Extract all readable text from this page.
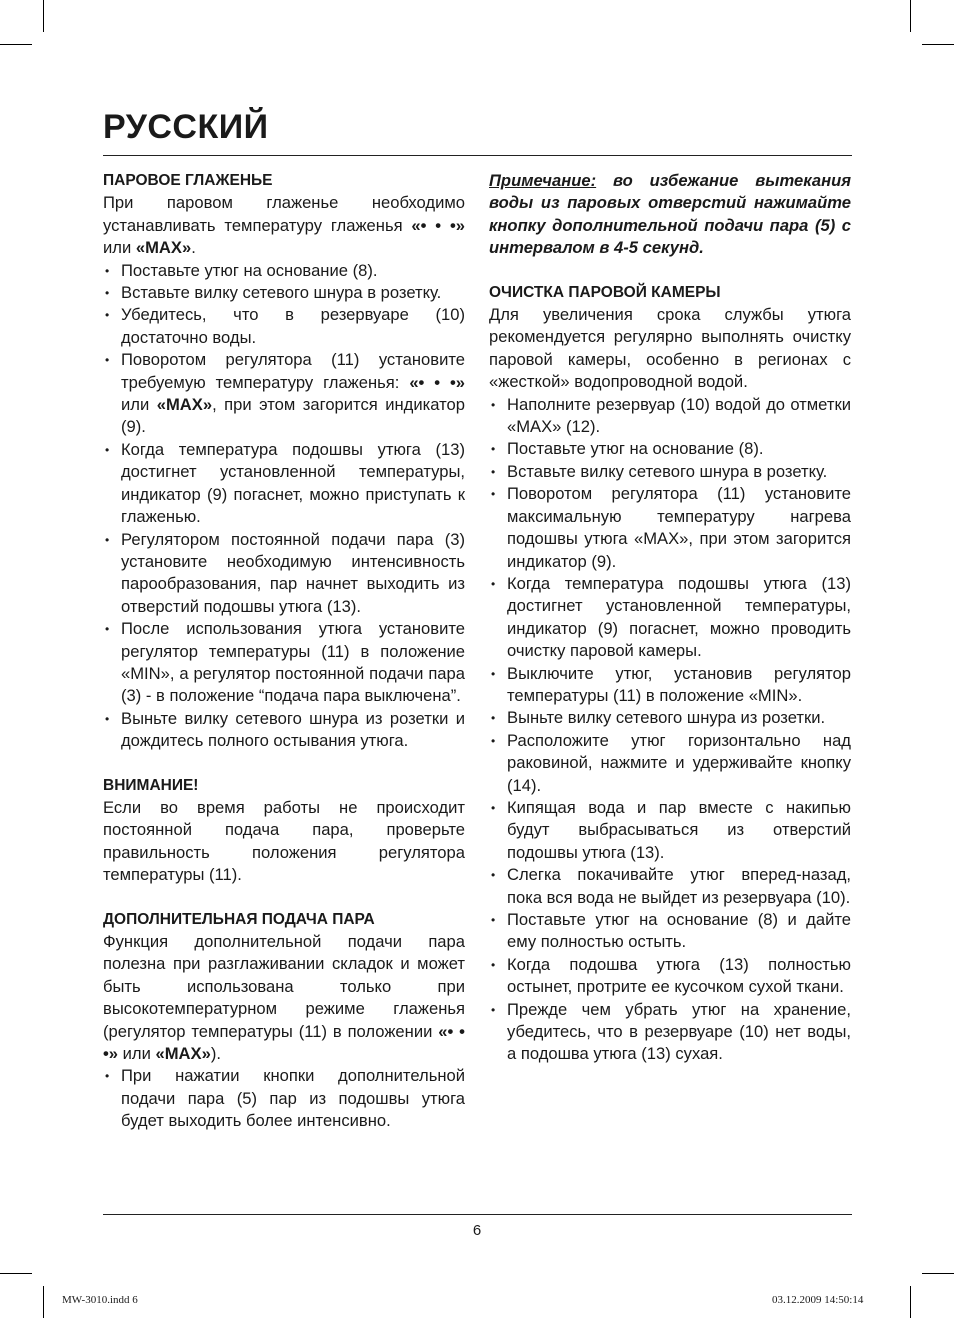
РУССКИЙ
ПАРОВОЕ ГЛАЖЕНЬЕ

При паровом глаженье необходимо устанавливать температуру глаженья «• • •» или «MAX».

• Поставьте утюг на основание (8).
• Вставьте вилку сетевого шнура в розетку.
• Убедитесь, что в резервуаре (10) достаточно воды.
• Поворотом регулятора (11) установите требуемую температуру глаженья: «• • •» или «MAX», при этом загорится индикатор (9).
• Когда температура подошвы утюга (13) достигнет установленной температуры, индикатор (9) погаснет, можно приступать к глаженью.
• Регулятором постоянной подачи пара (3) установите необходимую интенсивность парообразования, пар начнет выходить из отверстий подошвы утюга (13).
• После использования утюга установите регулятор температуры (11) в положение «MIN», а регулятор постоянной подачи пара (3) - в положение “подача пара выключена”.
• Выньте вилку сетевого шнура из розетки и дождитесь полного остывания утюга.
ВНИМАНИЕ!

Если во время работы не происходит постоянной подача пара, проверьте правильность положения регулятора температуры (11).

ДОПОЛНИТЕЛЬНАЯ ПОДАЧА ПАРА

Функция дополнительной подачи пара полезна при разглаживании складок и может быть использована только при высокотемпературном режиме глаженья (регулятор температуры (11) в положении «• • •» или «MAX»).

• При нажатии кнопки дополнительной подачи пара (5) пар из подошвы утюга будет выходить более интенсивно.

Примечание: во избежание вытекания воды из паровых отверстий нажимайте кнопку дополнительной подачи пара (5) с интервалом в 4-5 секунд.

ОЧИСТКА ПАРОВОЙ КАМЕРЫ

Для увеличения срока службы утюга рекомендуется регулярно выполнять очистку паровой камеры, особенно в регионах с «жесткой» водопроводной водой.

• Наполните резервуар (10) водой до отметки «MAX» (12).
• Поставьте утюг на основание (8).
• Вставьте вилку сетевого шнура в розетку.
• Поворотом регулятора (11) установите максимальную температуру нагрева подошвы утюга «MAX», при этом загорится индикатор (9).
• Когда температура подошвы утюга (13) достигнет установленной температуры, индикатор (9) погаснет, можно проводить очистку паровой камеры.
• Выключите утюг, установив регулятор температуры (11) в положение «MIN».
• Выньте вилку сетевого шнура из розетки.
• Расположите утюг горизонтально над раковиной, нажмите и удерживайте кнопку (14).
• Кипящая вода и пар вместе с накипью будут выбрасываться из отверстий подошвы утюга (13).
• Слегка покачивайте утюг вперед-назад, пока вся вода не выйдет из резервуара (10).
• Поставьте утюг на основание (8) и дайте ему полностью остыть.
• Когда подошва утюга (13) полностью остынет, протрите ее кусочком сухой ткани.
• Прежде чем убрать утюг на хранение, убедитесь, что в резервуаре (10) нет воды, а подошва утюга (13) сухая.
6
MW-3010.indd 6	03.12.2009 14:50:14
